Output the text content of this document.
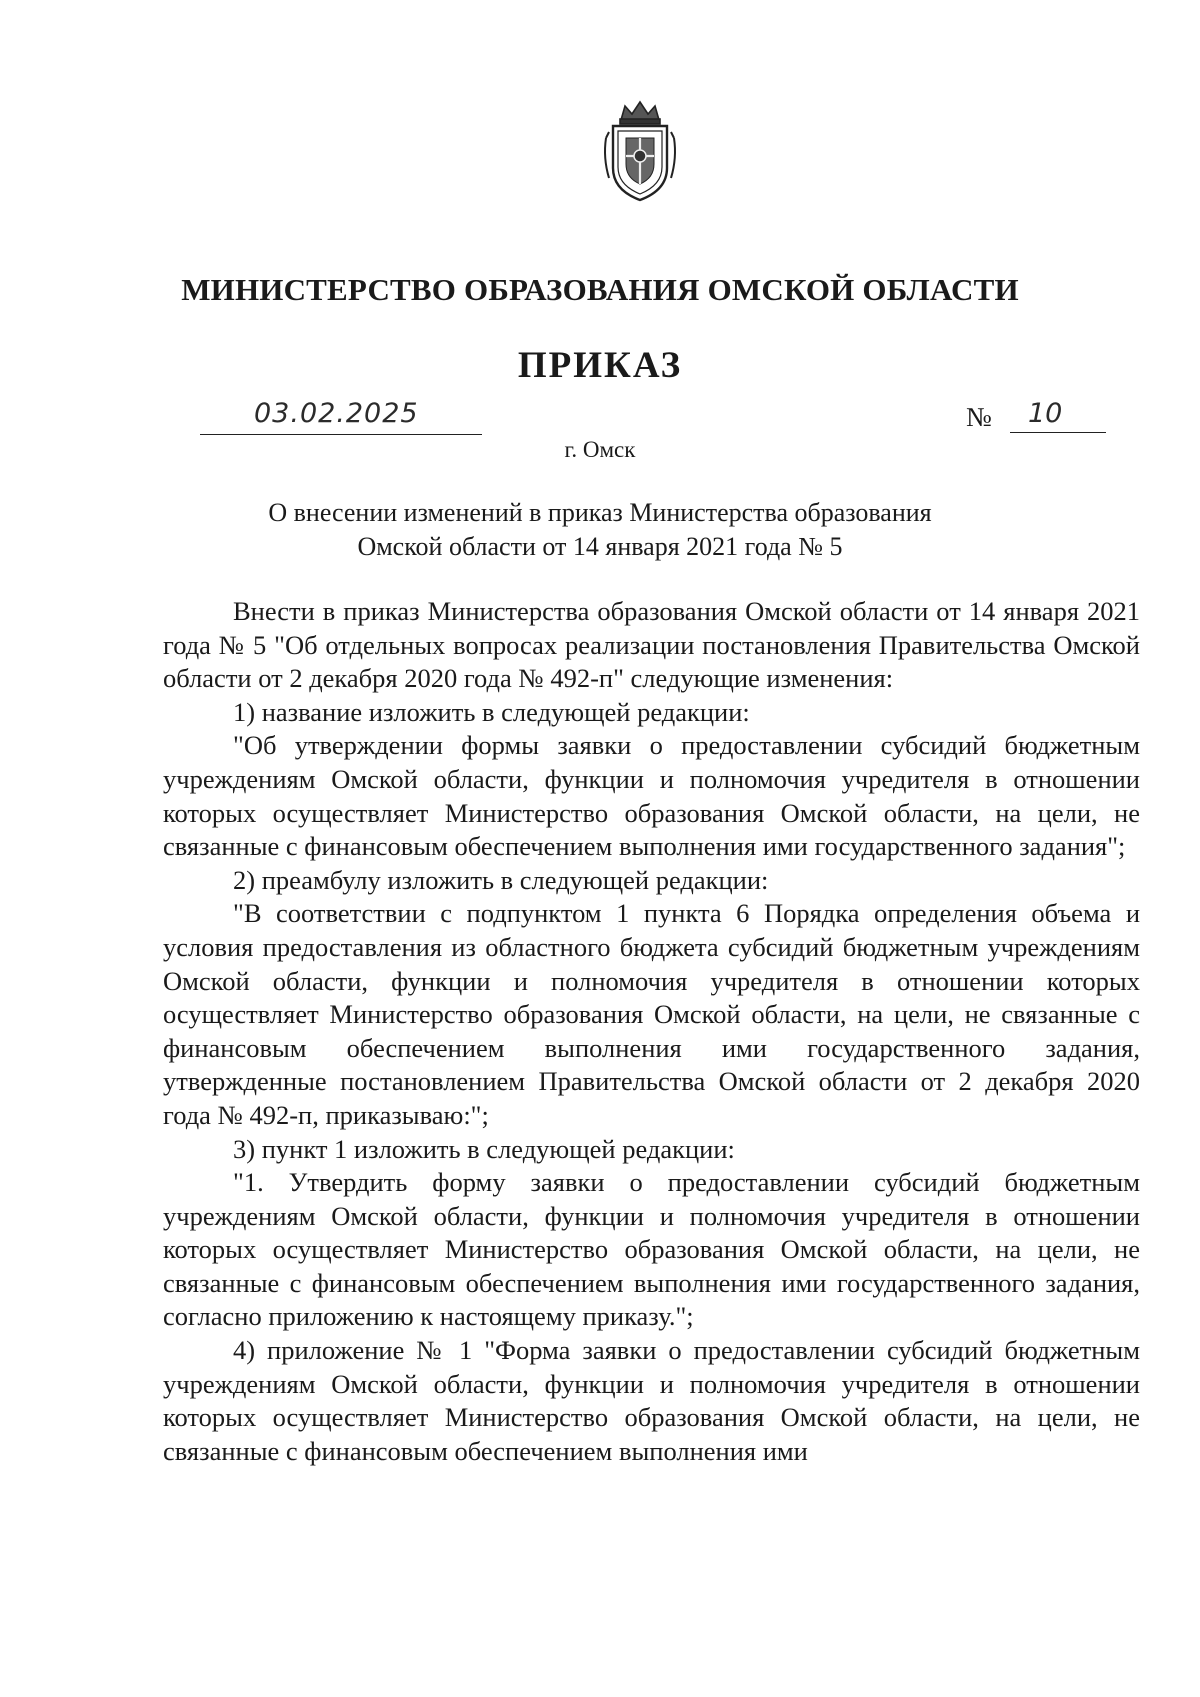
МИНИСТЕРСТВО ОБРАЗОВАНИЯ ОМСКОЙ ОБЛАСТИ
ПРИКАЗ
03.02.2025	№ 10
г. Омск
О внесении изменений в приказ Министерства образования
Омской области от 14 января 2021 года № 5

Внести в приказ Министерства образования Омской области от 14 января 2021 года № 5 "Об отдельных вопросах реализации постановления Правительства Омской области от 2 декабря 2020 года № 492-п" следующие изменения:

1) название изложить в следующей редакции:

"Об утверждении формы заявки о предоставлении субсидий бюджетным учреждениям Омской области, функции и полномочия учредителя в отношении которых осуществляет Министерство образования Омской области, на цели, не связанные с финансовым обеспечением выполнения ими государственного задания";

2) преамбулу изложить в следующей редакции:

"В соответствии с подпунктом 1 пункта 6 Порядка определения объема и условия предоставления из областного бюджета субсидий бюджетным учреждениям Омской области, функции и полномочия учредителя в отношении которых осуществляет Министерство образования Омской области, на цели, не связанные с финансовым обеспечением выполнения ими государственного задания, утвержденные постановлением Правительства Омской области от 2 декабря 2020 года № 492-п, приказываю:";

3) пункт 1 изложить в следующей редакции:

"1. Утвердить форму заявки о предоставлении субсидий бюджетным учреждениям Омской области, функции и полномочия учредителя в отношении которых осуществляет Министерство образования Омской области, на цели, не связанные с финансовым обеспечением выполнения ими государственного задания, согласно приложению к настоящему приказу.";

4) приложение № 1 "Форма заявки о предоставлении субсидий бюджетным учреждениям Омской области, функции и полномочия учредителя в отношении которых осуществляет Министерство образования Омской области, на цели, не связанные с финансовым обеспечением выполнения ими
